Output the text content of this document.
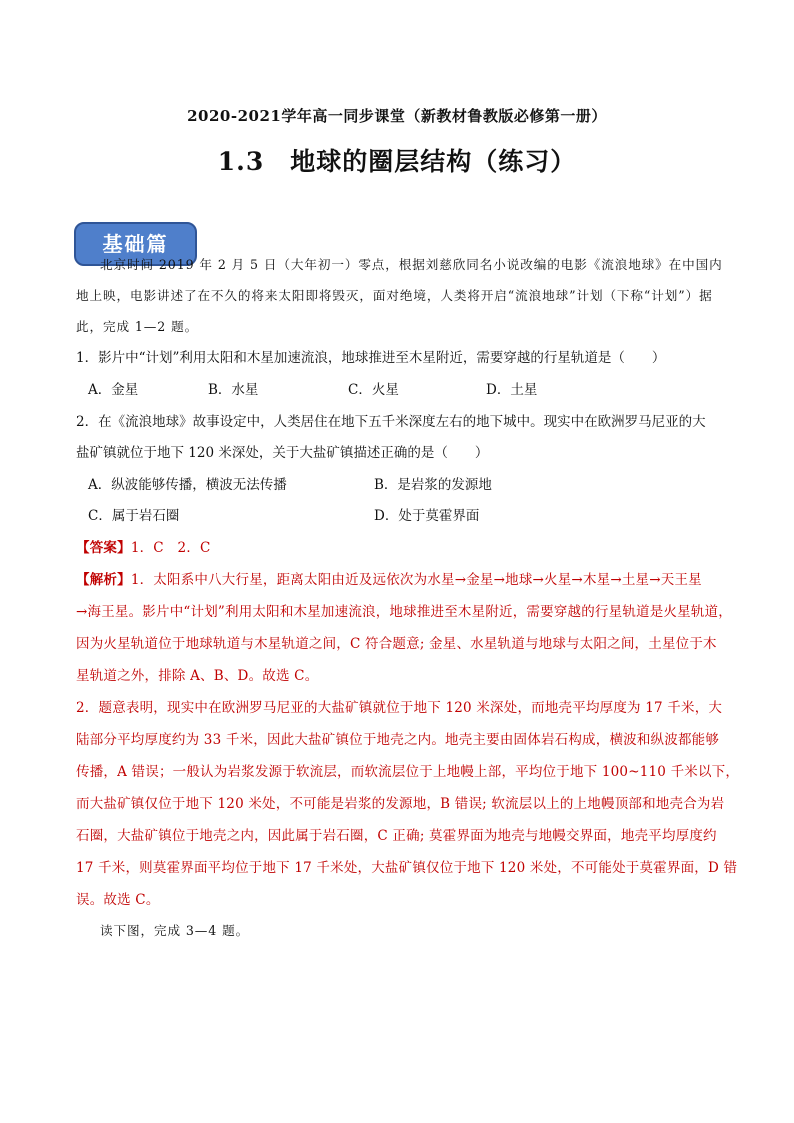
2020-2021学年高一同步课堂（新教材鲁教版必修第一册）
1.3　地球的圈层结构（练习）
基础篇
北京时间 2019 年 2 月 5 日（大年初一）零点，根据刘慈欣同名小说改编的电影《流浪地球》在中国内
地上映，电影讲述了在不久的将来太阳即将毁灭，面对绝境，人类将开启“流浪地球”计划（下称“计划”）据
此，完成 1—2 题。
1．影片中“计划”利用太阳和木星加速流浪，地球推进至木星附近，需要穿越的行星轨道是（　　）
A．金星	B．水星	C．火星	D．土星
2．在《流浪地球》故事设定中，人类居住在地下五千米深度左右的地下城中。现实中在欧洲罗马尼亚的大
盐矿镇就位于地下 120 米深处，关于大盐矿镇描述正确的是（　　）
A．纵波能够传播，横波无法传播	B．是岩浆的发源地
C．属于岩石圈	D．处于莫霍界面
【答案】1．C　2．C
【解析】1．太阳系中八大行星，距离太阳由近及远依次为水星→金星→地球→火星→木星→土星→天王星
→海王星。影片中“计划”利用太阳和木星加速流浪，地球推进至木星附近，需要穿越的行星轨道是火星轨道，
因为火星轨道位于地球轨道与木星轨道之间，C 符合题意; 金星、水星轨道与地球与太阳之间，土星位于木
星轨道之外，排除 A、B、D。故选 C。
2．题意表明，现实中在欧洲罗马尼亚的大盐矿镇就位于地下 120 米深处，而地壳平均厚度为 17 千米，大
陆部分平均厚度约为 33 千米，因此大盐矿镇位于地壳之内。地壳主要由固体岩石构成，横波和纵波都能够
传播，A 错误；一般认为岩浆发源于软流层，而软流层位于上地幔上部，平均位于地下 100~110 千米以下，
而大盐矿镇仅位于地下 120 米处，不可能是岩浆的发源地，B 错误; 软流层以上的上地幔顶部和地壳合为岩
石圈，大盐矿镇位于地壳之内，因此属于岩石圈，C 正确; 莫霍界面为地壳与地幔交界面，地壳平均厚度约
17 千米，则莫霍界面平均位于地下 17 千米处，大盐矿镇仅位于地下 120 米处，不可能处于莫霍界面，D 错
误。故选 C。
读下图，完成 3—4 题。
